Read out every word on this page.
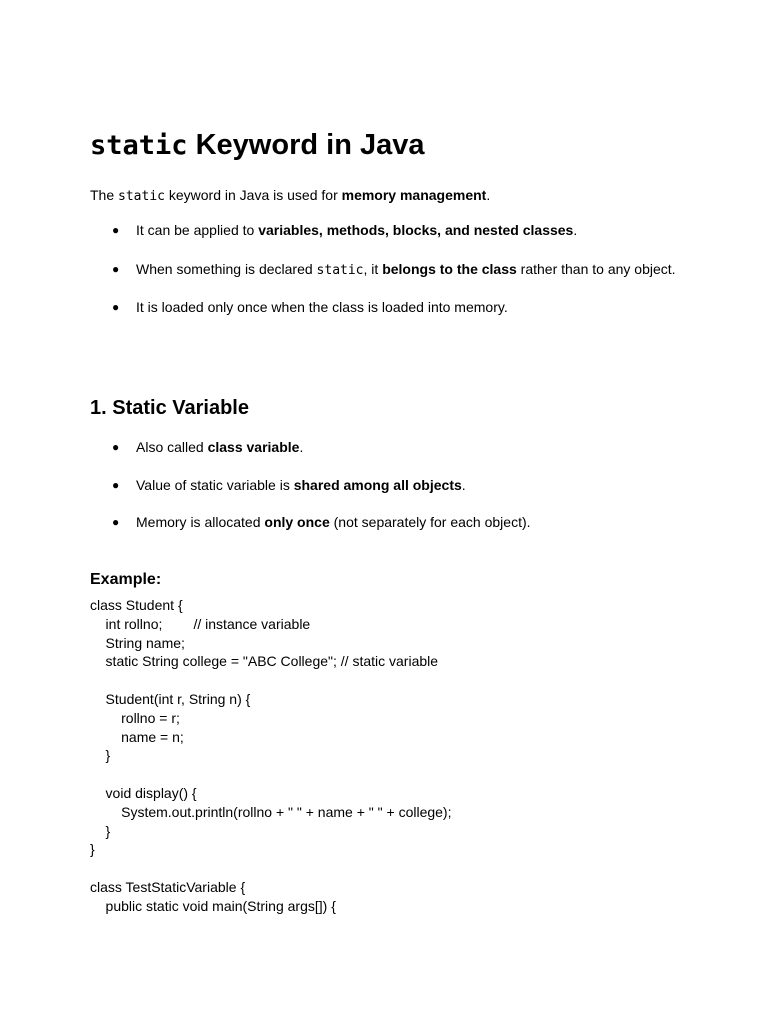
static Keyword in Java

The static keyword in Java is used for memory management.

● It can be applied to variables, methods, blocks, and nested classes.
● When something is declared static, it belongs to the class rather than to any object.
● It is loaded only once when the class is loaded into memory.
1. Static Variable
● Also called class variable.
● Value of static variable is shared among all objects.
● Memory is allocated only once (not separately for each object).
Example:
class Student {
int rollno;        // instance variable
String name;
static String college = "ABC College"; // static variable
Student(int r, String n) {
rollno = r;
name = n;
}
void display() {
System.out.println(rollno + " " + name + " " + college);
}
}
class TestStaticVariable {
public static void main(String args[]) {
